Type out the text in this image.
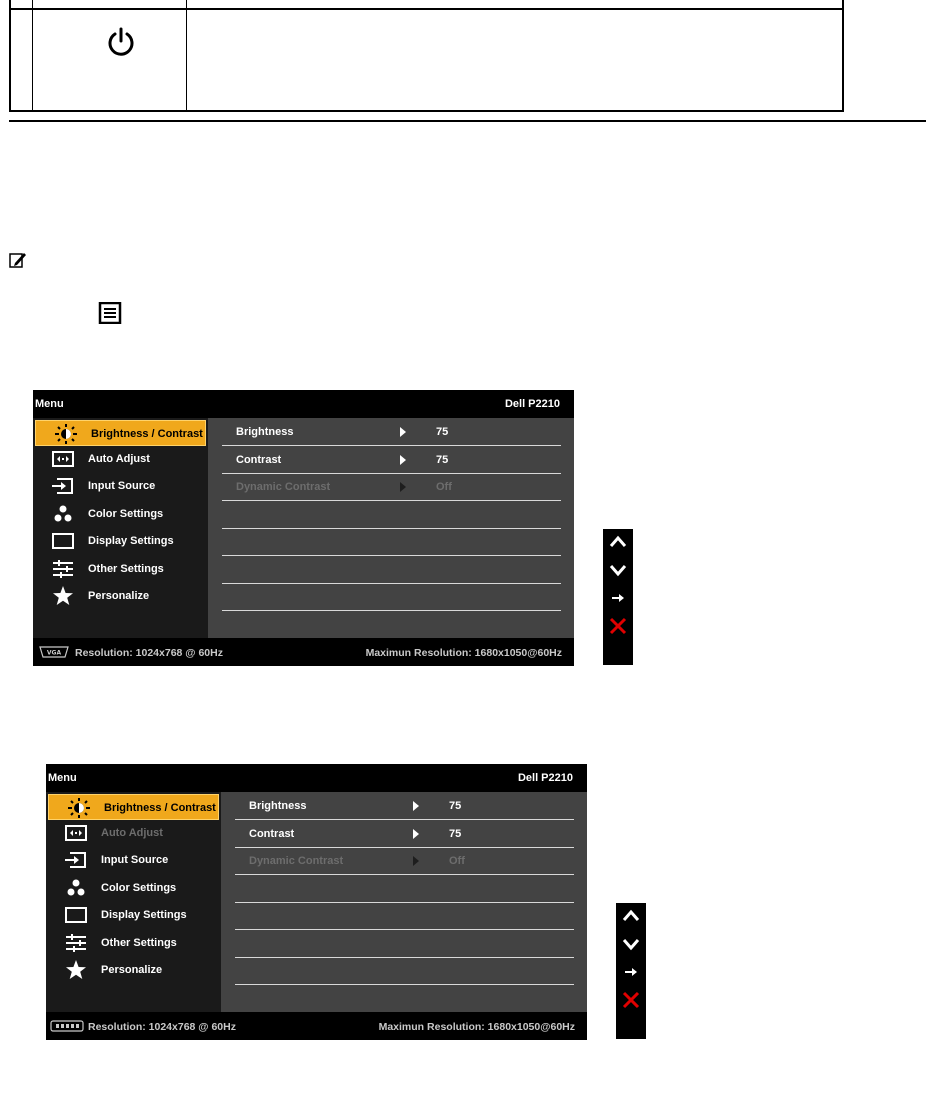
Menu	Dell P2210
Brightness / Contrast
Auto Adjust
Input Source
Color Settings
Display Settings
Other Settings
Personalize
Brightness	75
Contrast	75
Dynamic Contrast	Off
VGA Resolution: 1024x768 @ 60Hz	Maximun Resolution: 1680x1050@60Hz
Menu	Dell P2210
Brightness / Contrast
Auto Adjust
Input Source
Color Settings
Display Settings
Other Settings
Personalize
Brightness	75
Contrast	75
Dynamic Contrast	Off
Resolution: 1024x768 @ 60Hz	Maximun Resolution: 1680x1050@60Hz
